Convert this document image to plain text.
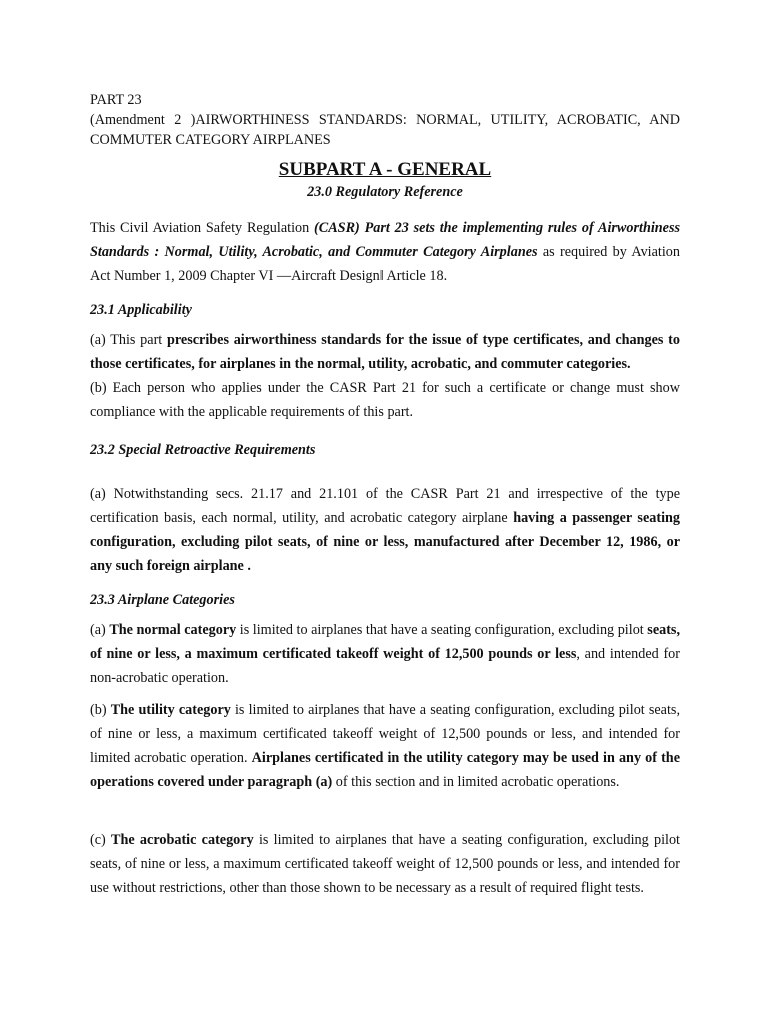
PART 23

(Amendment 2 )AIRWORTHINESS STANDARDS: NORMAL, UTILITY, ACROBATIC, AND COMMUTER CATEGORY AIRPLANES

SUBPART A - GENERAL

23.0 Regulatory Reference

This Civil Aviation Safety Regulation (CASR) Part 23 sets the implementing rules of Airworthiness Standards : Normal, Utility, Acrobatic, and Commuter Category Airplanes as required by Aviation Act Number 1, 2009 Chapter VI —Aircraft Design‖ Article 18.

23.1 Applicability

(a) This part prescribes airworthiness standards for the issue of type certificates, and changes to those certificates, for airplanes in the normal, utility, acrobatic, and commuter categories.

(b) Each person who applies under the CASR Part 21 for such a certificate or change must show compliance with the applicable requirements of this part.

23.2 Special Retroactive Requirements

(a) Notwithstanding secs. 21.17 and 21.101 of the CASR Part 21 and irrespective of the type certification basis, each normal, utility, and acrobatic category airplane having a passenger seating configuration, excluding pilot seats, of nine or less, manufactured after December 12, 1986, or any such foreign airplane .

23.3 Airplane Categories

(a) The normal category is limited to airplanes that have a seating configuration, excluding pilot seats, of nine or less, a maximum certificated takeoff weight of 12,500 pounds or less, and intended for non-acrobatic operation.

(b) The utility category is limited to airplanes that have a seating configuration, excluding pilot seats, of nine or less, a maximum certificated takeoff weight of 12,500 pounds or less, and intended for limited acrobatic operation. Airplanes certificated in the utility category may be used in any of the operations covered under paragraph (a) of this section and in limited acrobatic operations.

(c) The acrobatic category is limited to airplanes that have a seating configuration, excluding pilot seats, of nine or less, a maximum certificated takeoff weight of 12,500 pounds or less, and intended for use without restrictions, other than those shown to be necessary as a result of required flight tests.
